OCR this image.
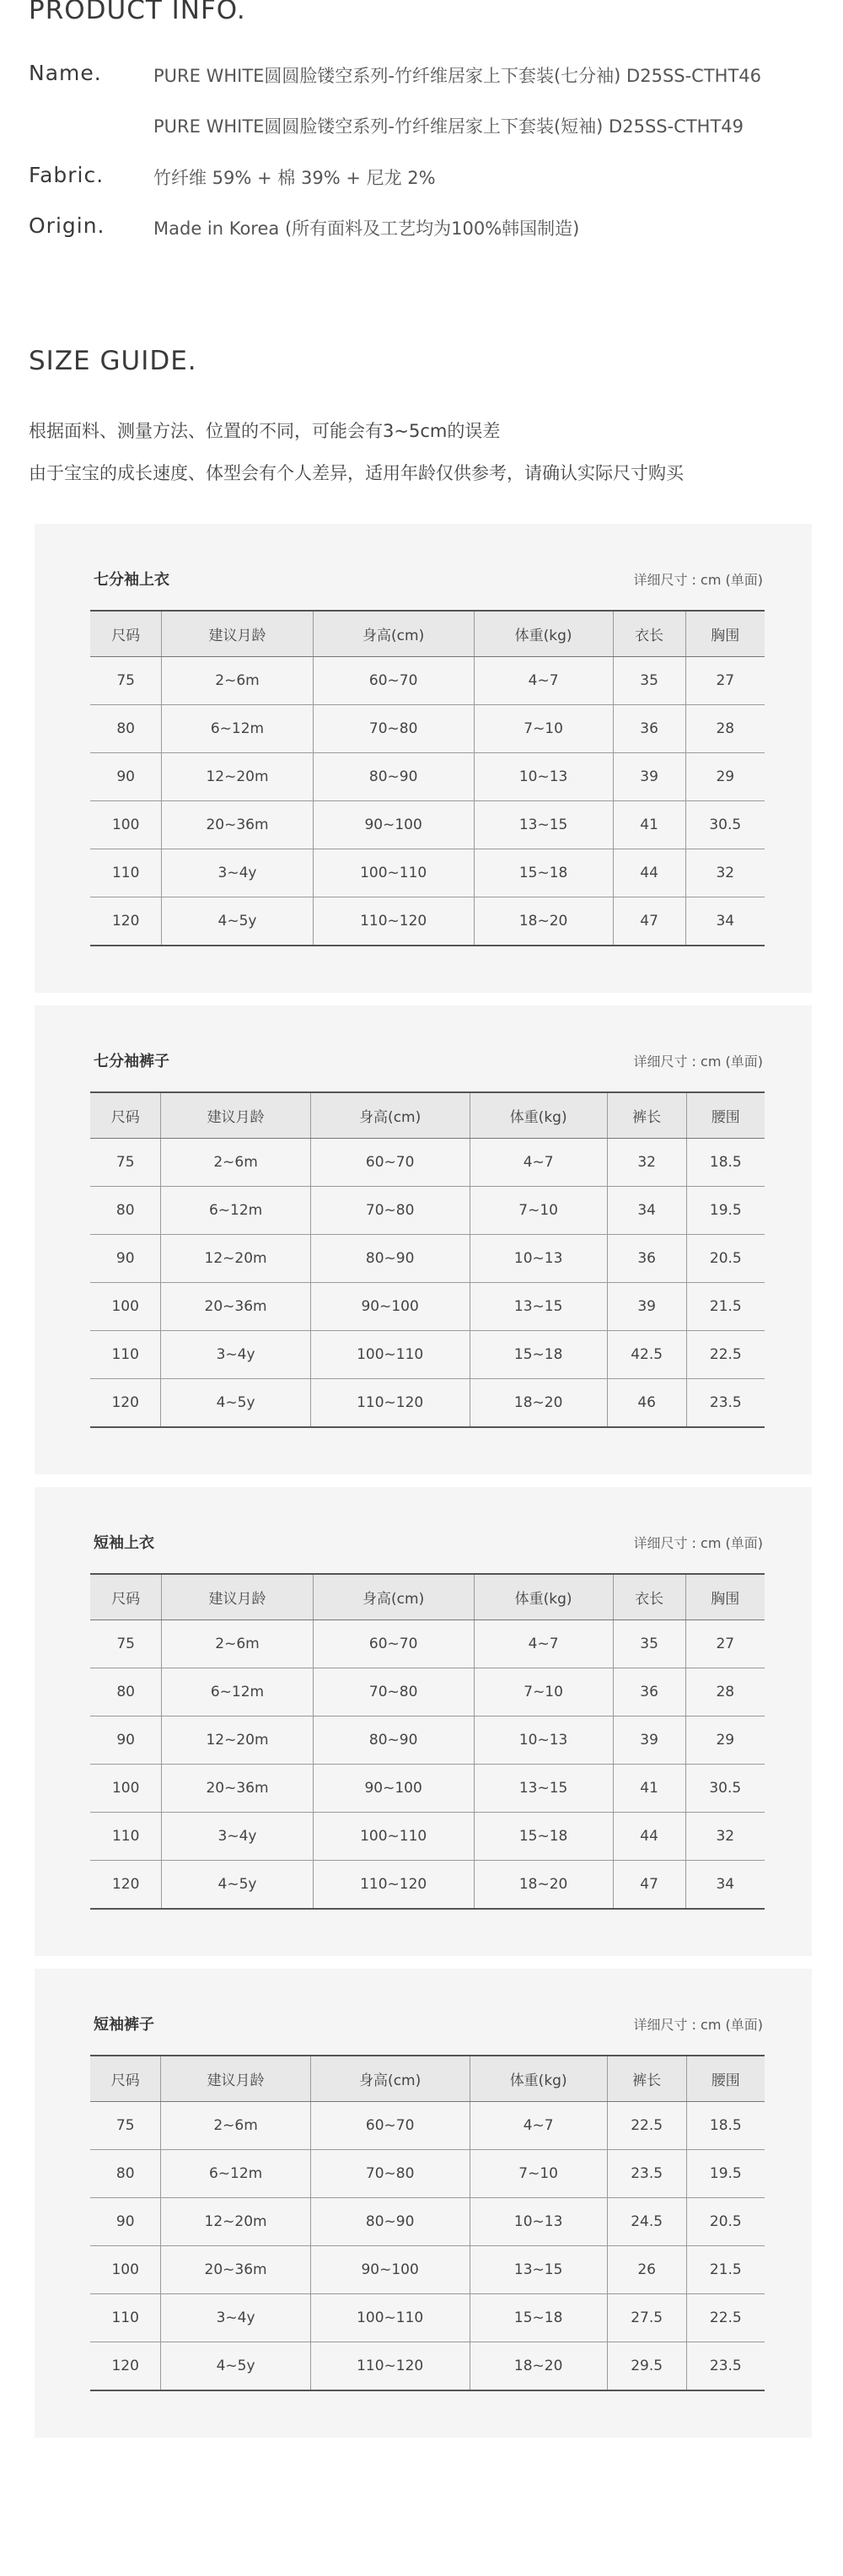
PRODUCT INFO.
Name.	PURE WHITE圆圆脸镂空系列-竹纤维居家上下套装(七分袖) D25SS-CTHT46
PURE WHITE圆圆脸镂空系列-竹纤维居家上下套装(短袖) D25SS-CTHT49
Fabric.	竹纤维 59% + 棉 39% + 尼龙 2%
Origin.	Made in Korea (所有面料及工艺均为100%韩国制造)
SIZE GUIDE.
根据面料、测量方法、位置的不同，可能会有3~5cm的误差
由于宝宝的成长速度、体型会有个人差异，适用年龄仅供参考，请确认实际尺寸购买
七分袖上衣	详细尺寸 : cm (单面)
尺码	建议月龄	身高(cm)	体重(kg)	衣长	胸围
75	2~6m	60~70	4~7	35	27
80	6~12m	70~80	7~10	36	28
90	12~20m	80~90	10~13	39	29
100	20~36m	90~100	13~15	41	30.5
110	3~4y	100~110	15~18	44	32
120	4~5y	110~120	18~20	47	34
七分袖裤子	详细尺寸 : cm (单面)
尺码	建议月龄	身高(cm)	体重(kg)	裤长	腰围
75	2~6m	60~70	4~7	32	18.5
80	6~12m	70~80	7~10	34	19.5
90	12~20m	80~90	10~13	36	20.5
100	20~36m	90~100	13~15	39	21.5
110	3~4y	100~110	15~18	42.5	22.5
120	4~5y	110~120	18~20	46	23.5
短袖上衣	详细尺寸 : cm (单面)
尺码	建议月龄	身高(cm)	体重(kg)	衣长	胸围
75	2~6m	60~70	4~7	35	27
80	6~12m	70~80	7~10	36	28
90	12~20m	80~90	10~13	39	29
100	20~36m	90~100	13~15	41	30.5
110	3~4y	100~110	15~18	44	32
120	4~5y	110~120	18~20	47	34
短袖裤子	详细尺寸 : cm (单面)
尺码	建议月龄	身高(cm)	体重(kg)	裤长	腰围
75	2~6m	60~70	4~7	22.5	18.5
80	6~12m	70~80	7~10	23.5	19.5
90	12~20m	80~90	10~13	24.5	20.5
100	20~36m	90~100	13~15	26	21.5
110	3~4y	100~110	15~18	27.5	22.5
120	4~5y	110~120	18~20	29.5	23.5
